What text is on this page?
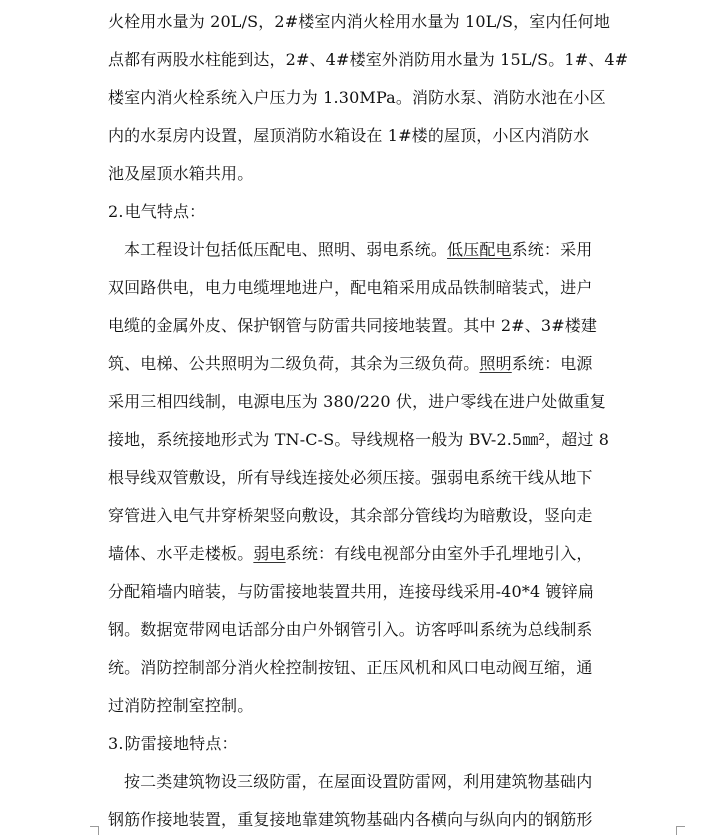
火栓用水量为 20L/S，2#楼室内消火栓用水量为 10L/S，室内任何地
点都有两股水柱能到达，2#、4#楼室外消防用水量为 15L/S。1#、4#
楼室内消火栓系统入户压力为 1.30MPa。消防水泵、消防水池在小区
内的水泵房内设置，屋顶消防水箱设在 1#楼的屋顶，小区内消防水
池及屋顶水箱共用。
2.电气特点：
本工程设计包括低压配电、照明、弱电系统。低压配电系统：采用
双回路供电，电力电缆埋地进户，配电箱采用成品铁制暗装式，进户
电缆的金属外皮、保护钢管与防雷共同接地装置。其中 2#、3#楼建
筑、电梯、公共照明为二级负荷，其余为三级负荷。照明系统：电源
采用三相四线制，电源电压为 380/220 伏，进户零线在进户处做重复
接地，系统接地形式为 TN-C-S。导线规格一般为 BV-2.5㎜²，超过 8
根导线双管敷设，所有导线连接处必须压接。强弱电系统干线从地下
穿管进入电气井穿桥架竖向敷设，其余部分管线均为暗敷设，竖向走
墙体、水平走楼板。弱电系统：有线电视部分由室外手孔埋地引入，
分配箱墙内暗装，与防雷接地装置共用，连接母线采用-40*4 镀锌扁
钢。数据宽带网电话部分由户外钢管引入。访客呼叫系统为总线制系
统。消防控制部分消火栓控制按钮、正压风机和风口电动阀互缩，通
过消防控制室控制。
3.防雷接地特点：
按二类建筑物设三级防雷，在屋面设置防雷网，利用建筑物基础内
钢筋作接地装置，重复接地靠建筑物基础内各横向与纵向内的钢筋形
